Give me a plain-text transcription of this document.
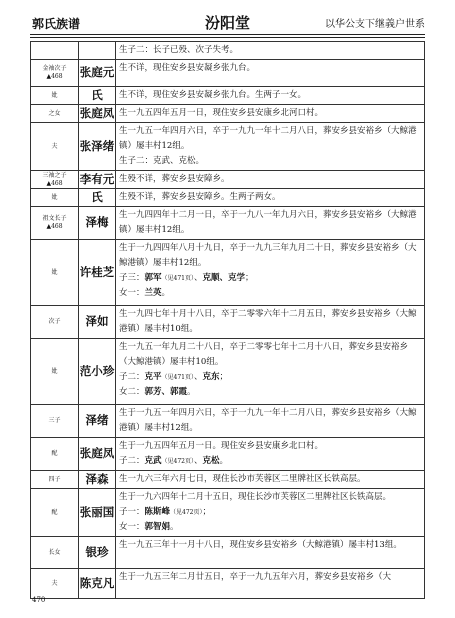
郭氏族谱	汾阳堂	以华公支下继義户世系

		生子二：长子已殁、次子失考。

金袖次子
▲468	张庭元	生不详，现住安乡县安凝乡张九台。

妣	氏	生不详，现住安乡县安凝乡张九台。生两子一女。

之女	张庭凤	生一九五四年五月一日，现住安乡县安康乡北河口村。

夫	张泽绪	生一九五一年四月六日，卒于一九九一年十二月八日，葬安乡县安裕乡（大鲸港镇）屡丰村12组。
生子二：克武、克松。

三袖之子
▲468	李有元	生殁不详，葬安乡县安障乡。

妣	氏	生殁不详，葬安乡县安障乡。生两子两女。

祖文长子
▲468	泽梅	生一九四四年十二月一日，卒于一九八一年九月六日，葬安乡县安裕乡（大鲸港镇）屡丰村12组。

妣	许桂芝	生于一九四四年八月十九日，卒于一九九三年九月二十日，葬安乡县安裕乡（大鲸港镇）屡丰村12组。
子三：郭军（见471页）、克顺、克学；
女一：兰英。

次子	泽如	生一九四七年十月十八日，卒于二零零六年十二月五日，葬安乡县安裕乡（大鲸港镇）屡丰村10组。

妣	范小珍	生一九五一年九月二十八日，卒于二零零七年十二月十八日，葬安乡县安裕乡（大鲸港镇）屡丰村10组。
子二：克平（见471页）、克东；
女二：郭芳、郭霞。

三子	泽绪	生于一九五一年四月六日，卒于一九九一年十二月八日，葬安乡县安裕乡（大鲸港镇）屡丰村12组。

配	张庭凤	生于一九五四年五月一日。现住安乡县安康乡北口村。
子二：克武（见472页）、克松。

四子	泽森	生一九六三年六月七日，现住长沙市芙蓉区二里牌社区长铁高层。

配	张丽国	生于一九六四年十二月十五日，现住长沙市芙蓉区二里牌社区长铁高层。
子一：陈斯峰（见472页）；
女一：郭智娟。

长女	银珍	生一九五三年十一月十八日，现住安乡县安裕乡（大鲸港镇）屡丰村13组。

夫	陈克凡	生于一九五三年二月廿五日，卒于一九九五年六月，葬安乡县安裕乡（大
470
